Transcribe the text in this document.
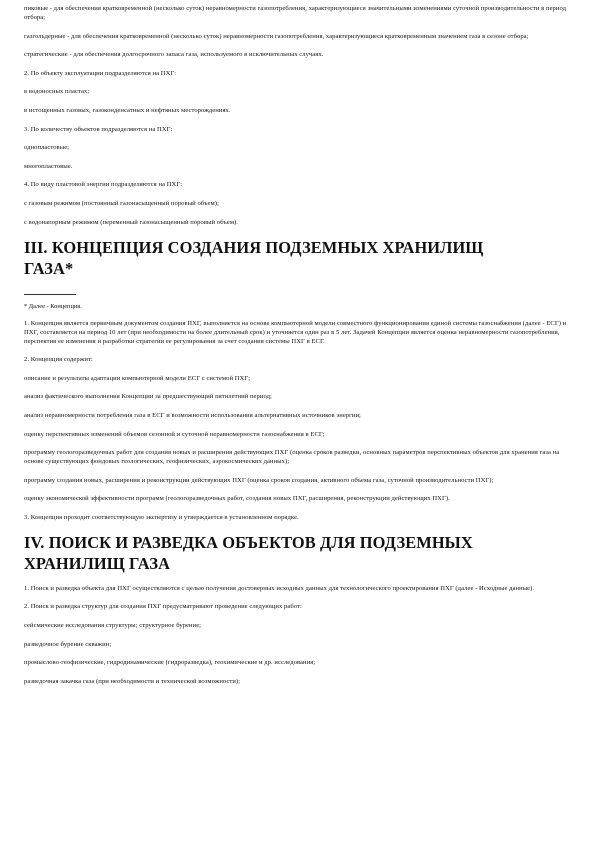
пиковые - для обеспечения кратковременной (несколько суток) неравномерности газопотребления, характеризующиеся значительными изменениями суточной производительности в период отбора;

газгольдерные - для обеспечения кратковременной (несколько суток) неравномерности газопотребления, характеризующиеся кратковременным значением газа в сезоне отбора;

стратегические - для обеспечения долгосрочного запаса газа, используемого в исключительных случаях.

2. По объекту эксплуатации подразделяются на ПХГ:

в водоносных пластах;

в истощенных газовых, газоконденсатных и нефтяных месторождениях.

3. По количеству объектов подразделяются на ПХГ:

однопластовые;

многопластовые.

4. По виду пластовой энергии подразделяются на ПХГ:

с газовым режимом (постоянный газонасыщенный поровый объем);

с водонапорным режимом (переменный газонасыщенный поровый объем).

III. КОНЦЕПЦИЯ СОЗДАНИЯ ПОДЗЕМНЫХ ХРАНИЛИЩ
ГАЗА*

* Далее - Концепция.

1. Концепция является первичным документом создания ПХГ, выполняется на основе компьютерной модели совместного функционирования единой системы газоснабжения (далее - ЕСГ) и ПХГ, составляется на период 10 лет (при необходимости на более длительный срок) и уточняется один раз в 5 лет. Задачей Концепции является оценка неравномерности газопотребления, перспектив ее изменения и разработки стратегии ее регулирования за счет создания системы ПХГ в ЕСГ.

2. Концепция содержит:

описание и результаты адаптации компьютерной модели ЕСГ с системой ПХГ;

анализ фактического выполнения Концепции за предшествующий пятилетний период;

анализ неравномерности потребления газа в ЕСГ и возможности использования альтернативных источников энергии;

оценку перспективных изменений объемов сезонной и суточной неравномерности газоснабжения в ЕСГ;

программу геологоразведочных работ для создания новых и расширения действующих ПХГ (оценка сроков разведки, основных параметров перспективных объектов для хранения газа на основе существующих фондовых геологических, геофизических, аэрокосмических данных);

программу создания новых, расширения и реконструкции действующих ПХГ (оценка сроков создания, активного объема газа, суточной производительности ПХГ);

оценку экономической эффективности программ (геологоразведочных работ, создания новых ПХГ, расширения, реконструкции действующих ПХГ).

3. Концепция проходит соответствующую экспертизу и утверждается в установленном порядке.

IV. ПОИСК И РАЗВЕДКА ОБЪЕКТОВ ДЛЯ ПОДЗЕМНЫХ
ХРАНИЛИЩ ГАЗА

1. Поиск и разведка объекта для ПХГ осуществляются с целью получения достоверных исходных данных для технологического проектирования ПХГ (далее - Исходные данные).

2. Поиск и разведка структур для создания ПХГ предусматривают проведение следующих работ:

сейсмические исследования структуры; структурное бурение;

разведочное бурение скважин;

промыслово-геофизические, гидродинамические (гидроразведка), геохимические и др. исследования;

разведочная закачка газа (при необходимости и технической возможности);
